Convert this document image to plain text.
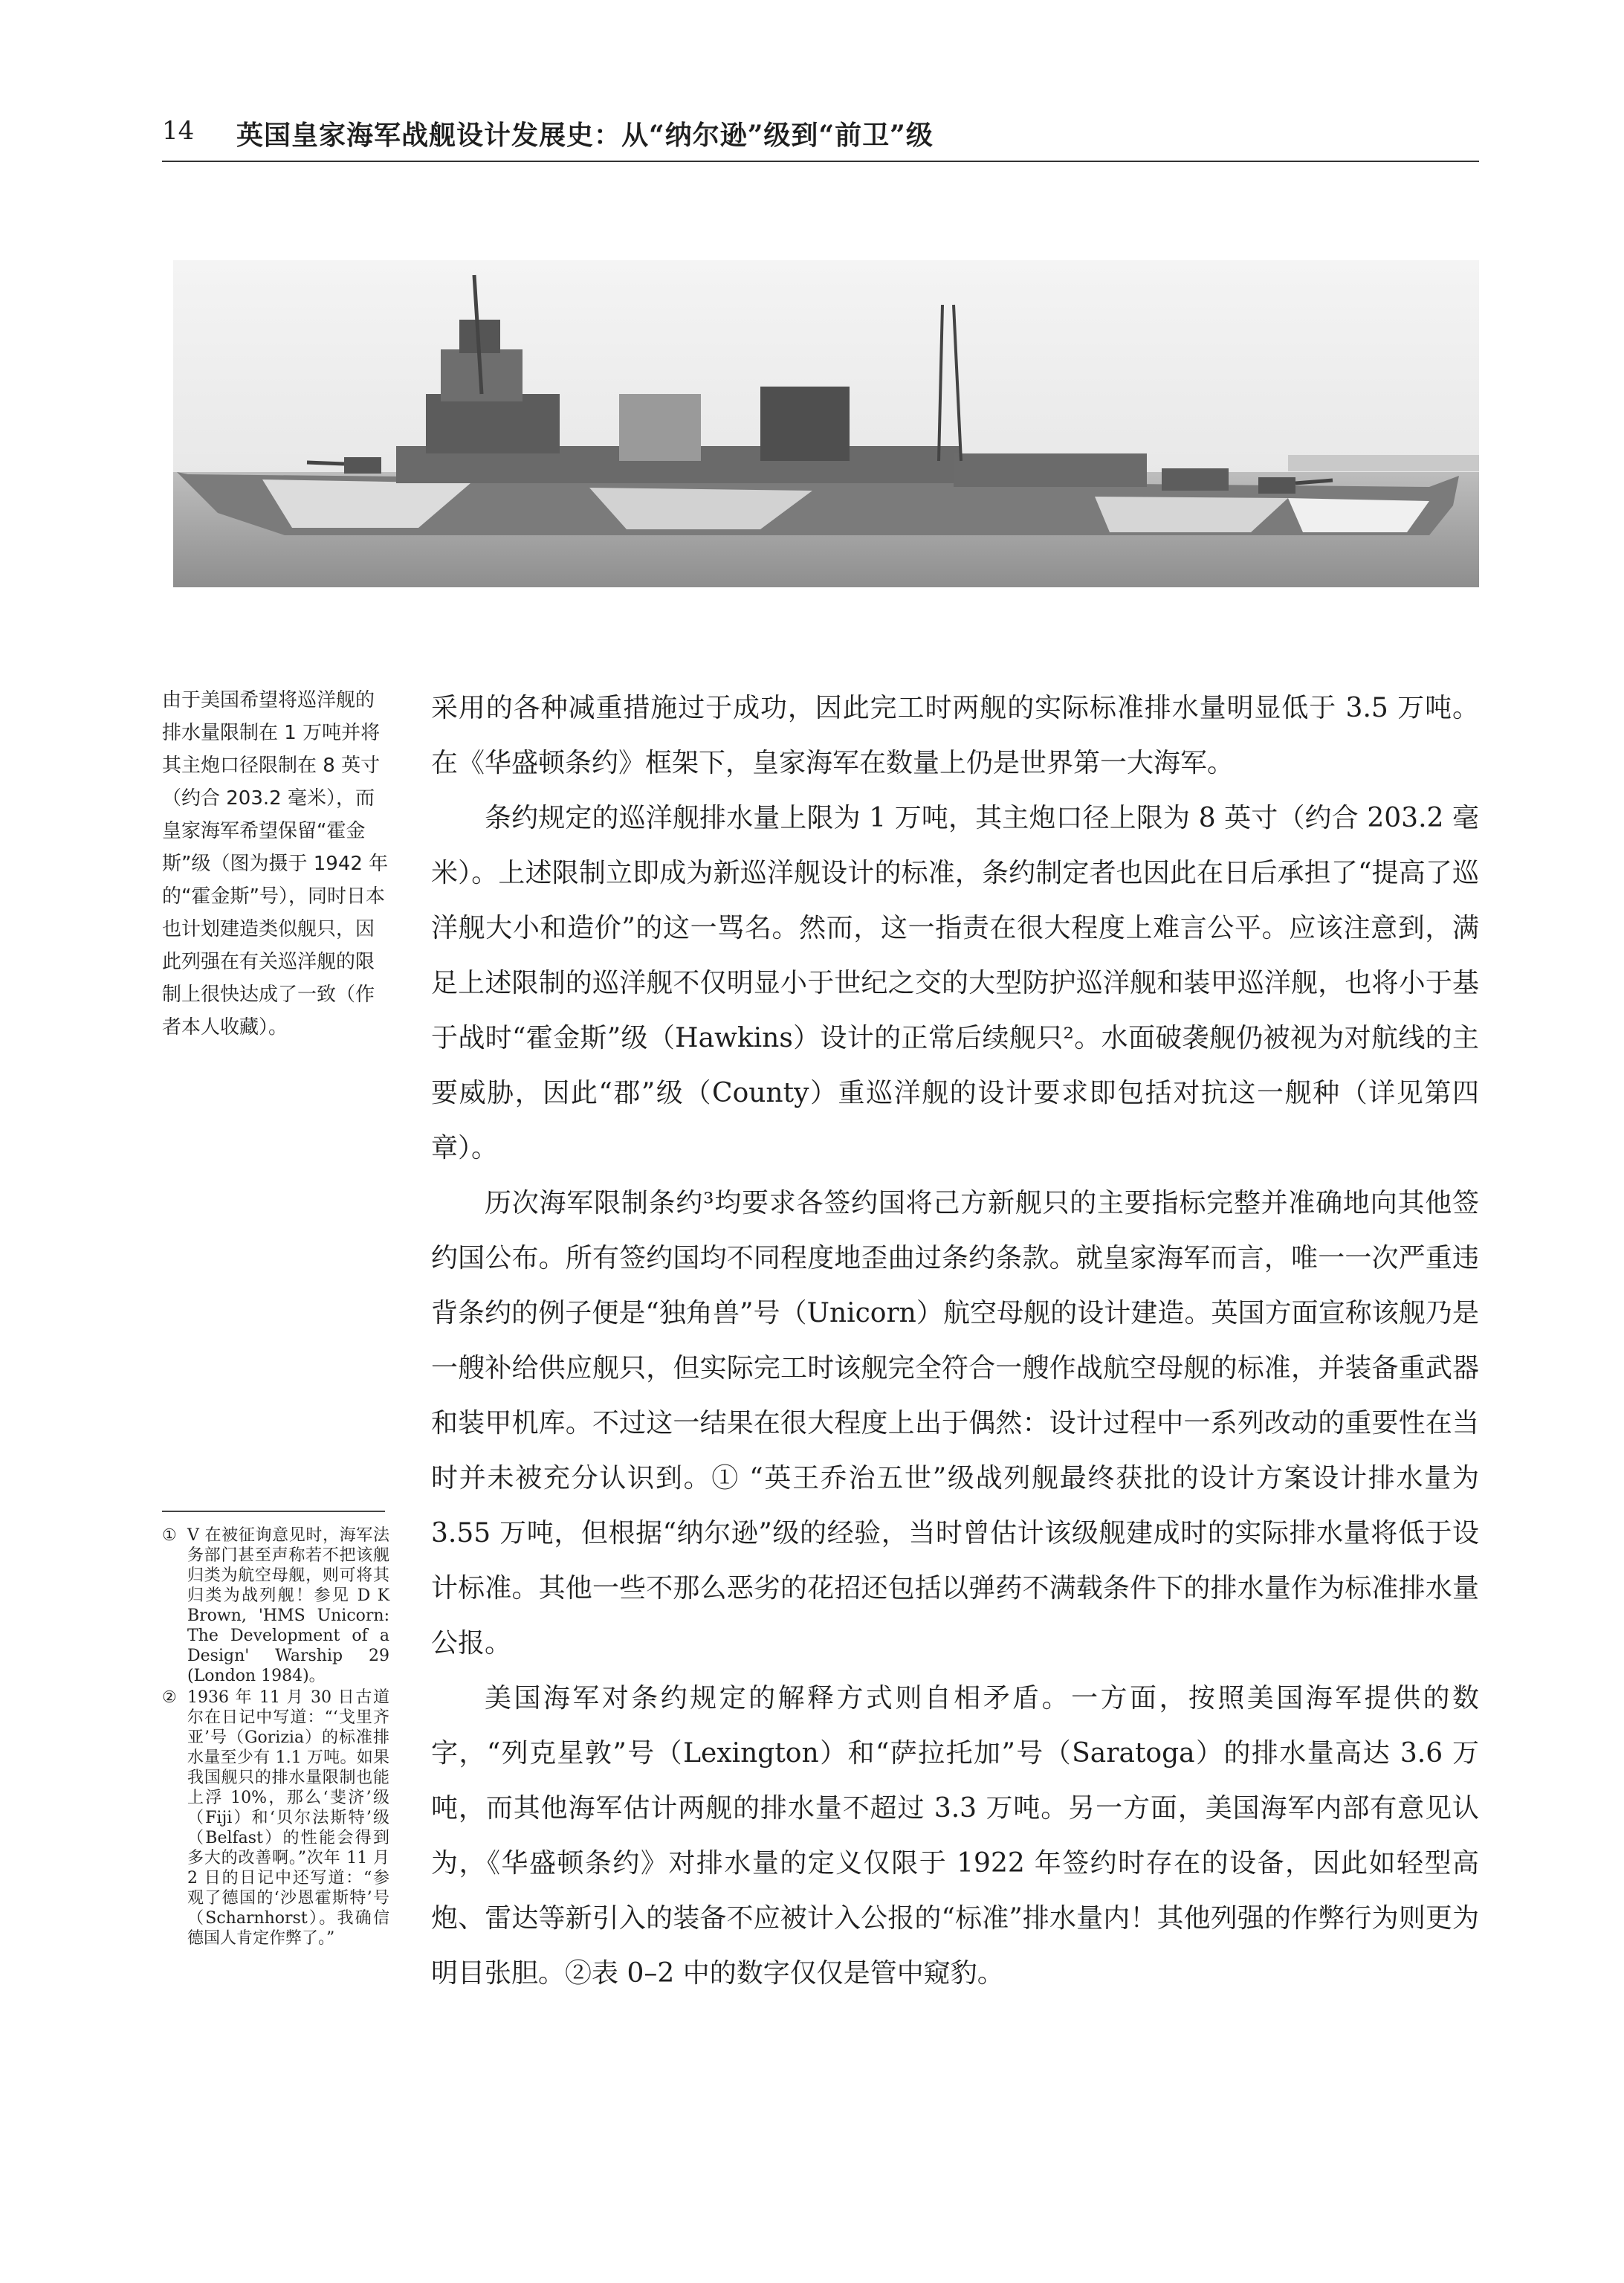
14 英国皇家海军战舰设计发展史：从“纳尔逊”级到“前卫”级
由于美国希望将巡洋舰的排水量限制在 1 万吨并将其主炮口径限制在 8 英寸（约合 203.2 毫米），而皇家海军希望保留“霍金斯”级（图为摄于 1942 年的“霍金斯”号），同时日本也计划建造类似舰只，因此列强在有关巡洋舰的限制上很快达成了一致（作者本人收藏）。
① V 在被征询意见时，海军法务部门甚至声称若不把该舰归类为航空母舰，则可将其归类为战列舰！参见 D K Brown, 'HMS Unicorn: The Development of a Design' Warship 29 (London 1984)。
② 1936 年 11 月 30 日古道尔在日记中写道：“‘戈里齐亚’号（Gorizia）的标准排水量至少有 1.1 万吨。如果我国舰只的排水量限制也能上浮 10%，那么‘斐济’级（Fiji）和‘贝尔法斯特’级（Belfast）的性能会得到多大的改善啊。”次年 11 月 2 日的日记中还写道：“参观了德国的‘沙恩霍斯特’号（Scharnhorst）。我确信德国人肯定作弊了。”

采用的各种减重措施过于成功，因此完工时两舰的实际标准排水量明显低于 3.5 万吨。在《华盛顿条约》框架下，皇家海军在数量上仍是世界第一大海军。

条约规定的巡洋舰排水量上限为 1 万吨，其主炮口径上限为 8 英寸（约合 203.2 毫米）。上述限制立即成为新巡洋舰设计的标准，条约制定者也因此在日后承担了“提高了巡洋舰大小和造价”的这一骂名。然而，这一指责在很大程度上难言公平。应该注意到，满足上述限制的巡洋舰不仅明显小于世纪之交的大型防护巡洋舰和装甲巡洋舰，也将小于基于战时“霍金斯”级（Hawkins）设计的正常后续舰只²。水面破袭舰仍被视为对航线的主要威胁，因此“郡”级（County）重巡洋舰的设计要求即包括对抗这一舰种（详见第四章）。

历次海军限制条约³均要求各签约国将己方新舰只的主要指标完整并准确地向其他签约国公布。所有签约国均不同程度地歪曲过条约条款。就皇家海军而言，唯一一次严重违背条约的例子便是“独角兽”号（Unicorn）航空母舰的设计建造。英国方面宣称该舰乃是一艘补给供应舰只，但实际完工时该舰完全符合一艘作战航空母舰的标准，并装备重武器和装甲机库。不过这一结果在很大程度上出于偶然：设计过程中一系列改动的重要性在当时并未被充分认识到。① “英王乔治五世”级战列舰最终获批的设计方案设计排水量为 3.55 万吨，但根据“纳尔逊”级的经验，当时曾估计该级舰建成时的实际排水量将低于设计标准。其他一些不那么恶劣的花招还包括以弹药不满载条件下的排水量作为标准排水量公报。

美国海军对条约规定的解释方式则自相矛盾。一方面，按照美国海军提供的数字，“列克星敦”号（Lexington）和“萨拉托加”号（Saratoga）的排水量高达 3.6 万吨，而其他海军估计两舰的排水量不超过 3.3 万吨。另一方面，美国海军内部有意见认为，《华盛顿条约》对排水量的定义仅限于 1922 年签约时存在的设备，因此如轻型高炮、雷达等新引入的装备不应被计入公报的“标准”排水量内！其他列强的作弊行为则更为明目张胆。②表 0–2 中的数字仅仅是管中窥豹。
